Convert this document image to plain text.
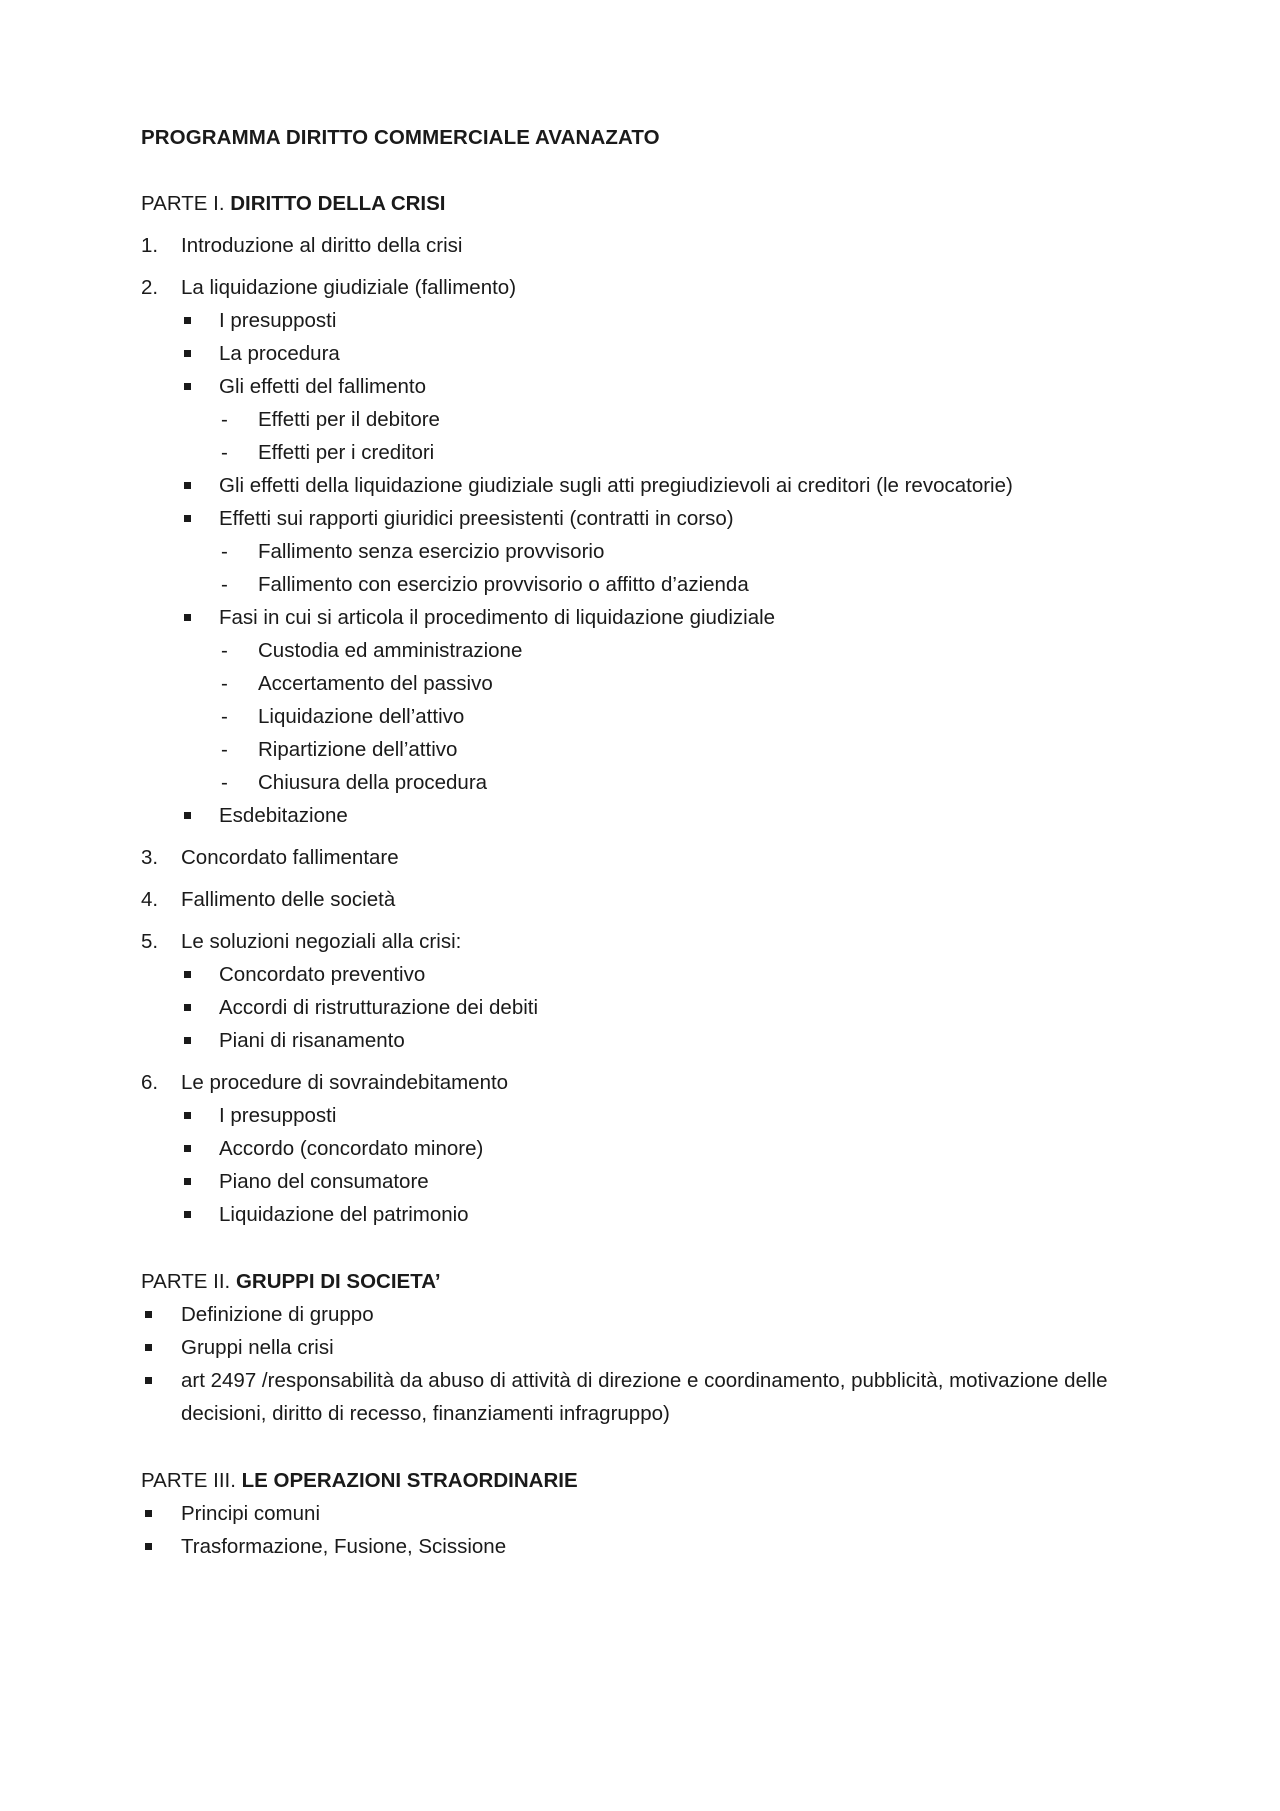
PROGRAMMA DIRITTO COMMERCIALE AVANAZATO
PARTE I. DIRITTO DELLA CRISI
1. Introduzione al diritto della crisi
2. La liquidazione giudiziale (fallimento)
I presupposti
La procedura
Gli effetti del fallimento
- Effetti per il debitore
- Effetti per i creditori
Gli effetti della liquidazione giudiziale sugli atti pregiudizievoli ai creditori (le revocatorie)
Effetti sui rapporti giuridici preesistenti (contratti in corso)
- Fallimento senza esercizio provvisorio
- Fallimento con esercizio provvisorio o affitto d’azienda
Fasi in cui si articola il procedimento di liquidazione giudiziale
- Custodia ed amministrazione
- Accertamento del passivo
- Liquidazione dell’attivo
- Ripartizione dell’attivo
- Chiusura della procedura
Esdebitazione
3. Concordato fallimentare
4. Fallimento delle società
5. Le soluzioni negoziali alla crisi:
Concordato preventivo
Accordi di ristrutturazione dei debiti
Piani di risanamento
6. Le procedure di sovraindebitamento
I presupposti
Accordo (concordato minore)
Piano del consumatore
Liquidazione del patrimonio
PARTE II. GRUPPI DI SOCIETA’
Definizione di gruppo
Gruppi nella crisi
art 2497 /responsabilità da abuso di attività di direzione e coordinamento, pubblicità, motivazione delle decisioni, diritto di recesso, finanziamenti infragruppo)
PARTE III. LE OPERAZIONI STRAORDINARIE
Principi comuni
Trasformazione, Fusione, Scissione
